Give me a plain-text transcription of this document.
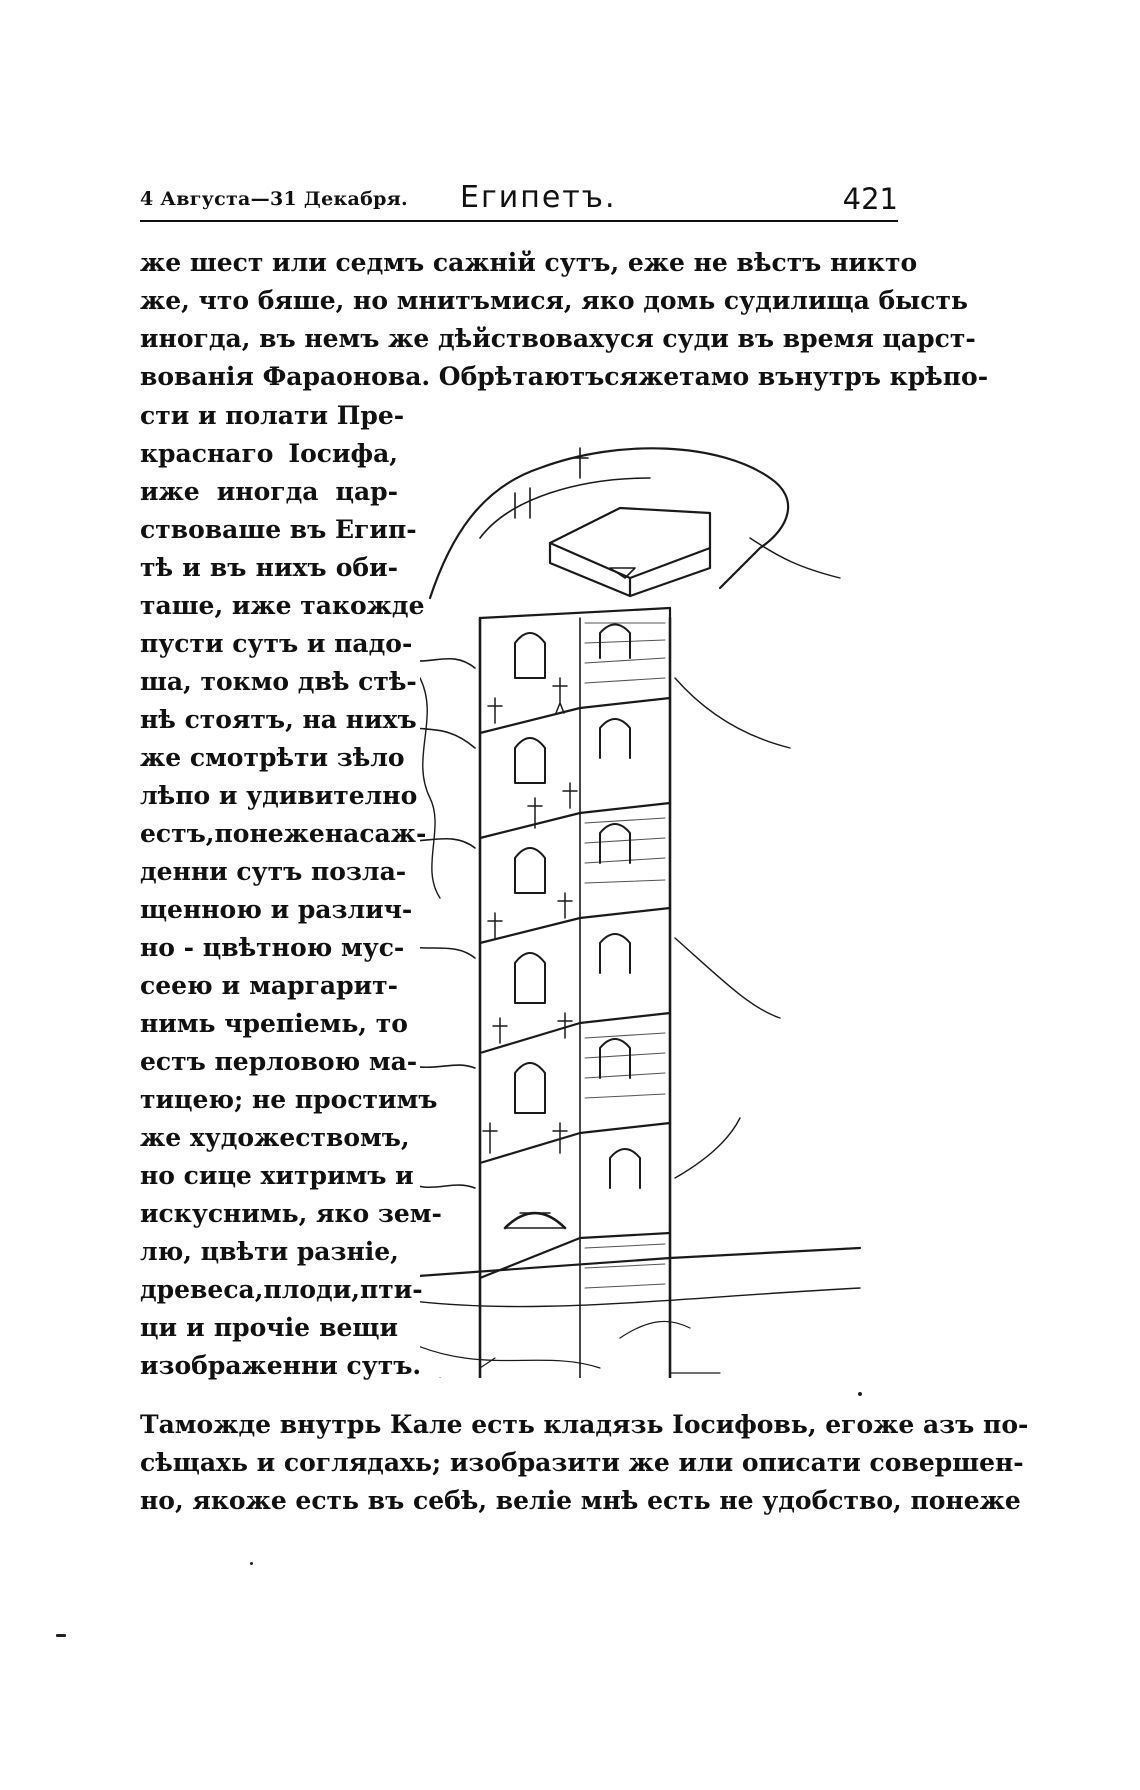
4 Августа—31 Декабря. Египетъ.	421
же шест или седмъ сажній сутъ, еже не вѣстъ никто
же, что бяше, но мнитъмися, яко домь судилища бысть
иногда, въ немъ же дѣйствовахуся суди въ время царст-
вованія Фараонова. Обрѣтаютъсяжетамо вънутръ крѣпо-
сти и полати Пре-
краснаго Іосифа,
иже иногда цар-
ствоваше въ Егип-
тѣ и въ нихъ оби-
таше, иже такожде
пусти сутъ и падо-
ша, токмо двѣ стѣ-
нѣ стоятъ, на нихъ
же смотрѣти зѣло
лѣпо и удивително
естъ,понеженасаж-
денни сутъ позла-
щенною и различ-
но - цвѣтною мус-
сеею и маргарит-
нимь чрепіемь, то
естъ перловою ма-
тицею; не простимъ
же художествомъ,
но сице хитримъ и
искуснимь, яко зем-
лю, цвѣти разніе,
древеса,плоди,пти-
ци и прочіе вещи
изображенни сутъ.
Тамождe внутрь Кале есть кладязь Іосифовь, егоже азъ по-
сѣщахь и соглядахь; изобразити же или описати совершен-
но, якоже есть въ себѣ, веліе мнѣ есть не удобство, понеже
